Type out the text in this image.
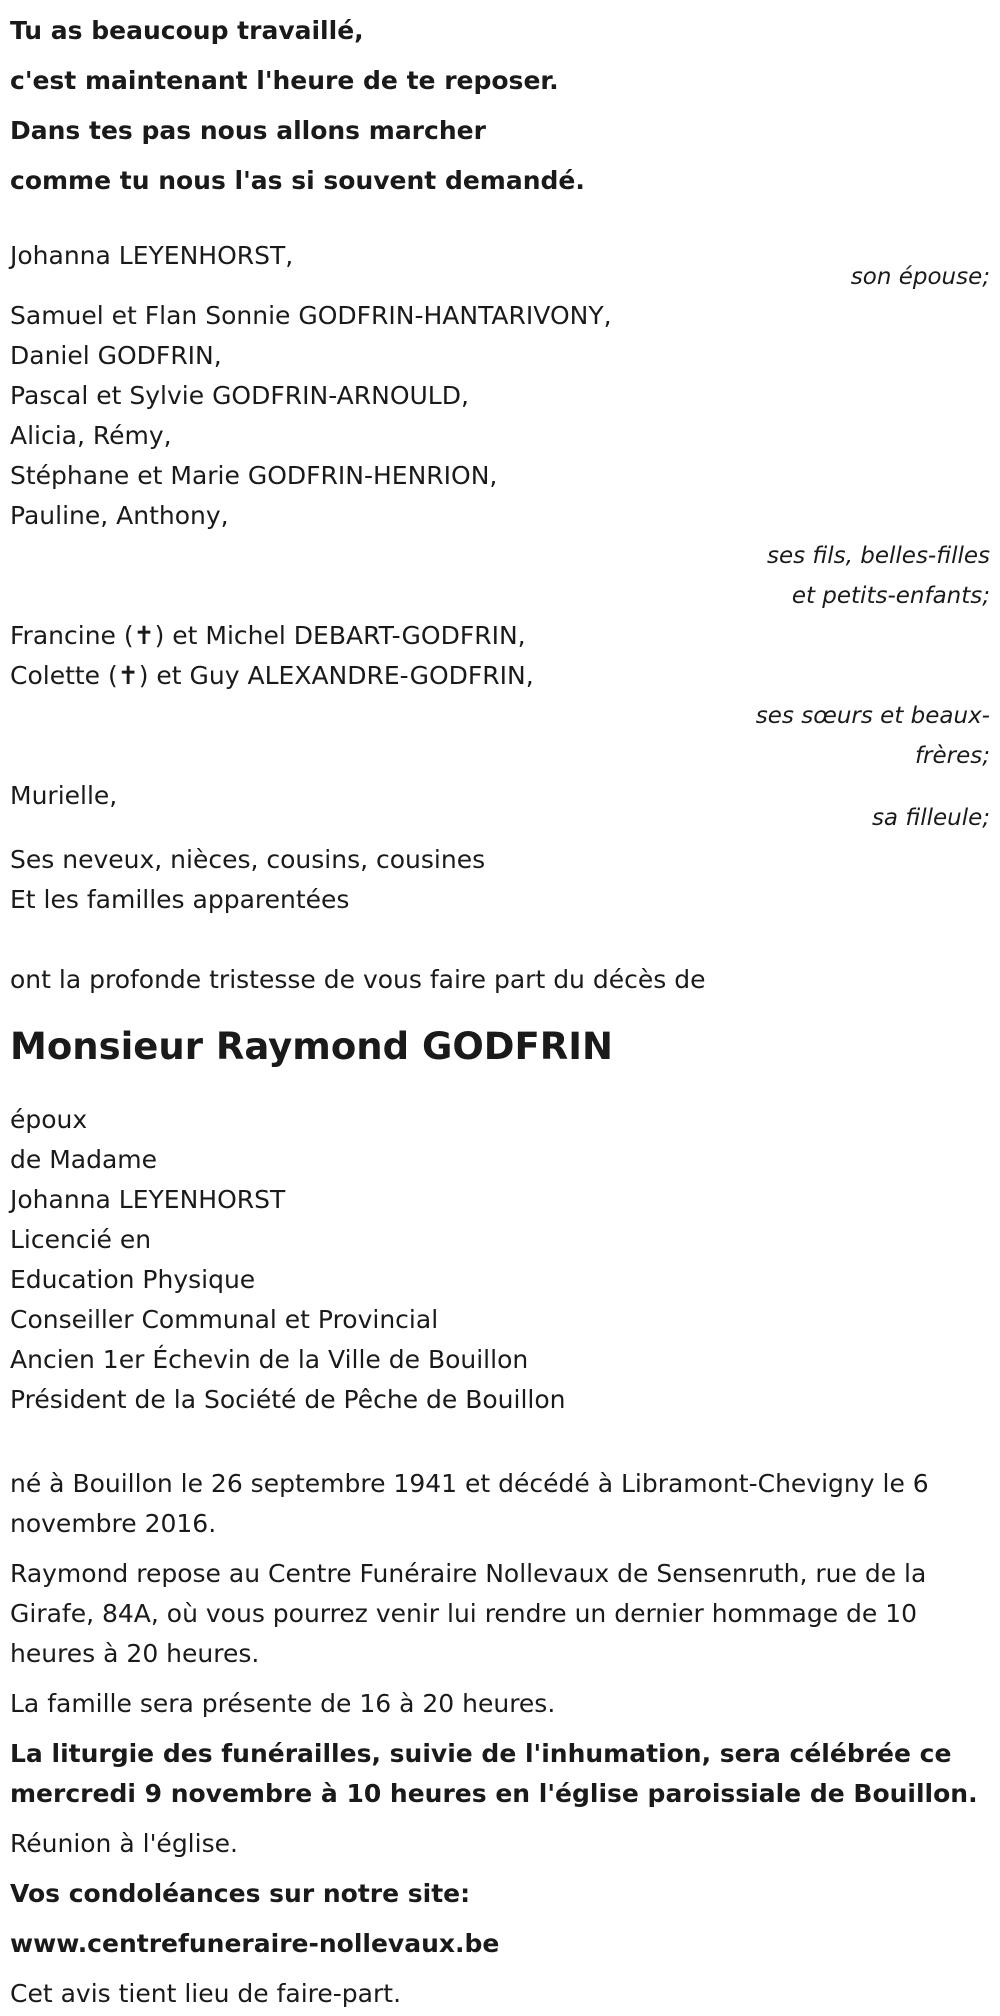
Tu as beaucoup travaillé,
c'est maintenant l'heure de te reposer.
Dans tes pas nous allons marcher
comme tu nous l'as si souvent demandé.
Johanna LEYENHORST,
son épouse;
Samuel et Flan Sonnie GODFRIN-HANTARIVONY,
Daniel GODFRIN,
Pascal et Sylvie GODFRIN-ARNOULD,
Alicia, Rémy,
Stéphane et Marie GODFRIN-HENRION,
Pauline, Anthony,
ses fils, belles-filles
et petits-enfants;
Francine (✝) et Michel DEBART-GODFRIN,
Colette (✝) et Guy ALEXANDRE-GODFRIN,
ses sœurs et beaux-
frères;
Murielle,
sa filleule;
Ses neveux, nièces, cousins, cousines
Et les familles apparentées
ont la profonde tristesse de vous faire part du décès de
Monsieur Raymond GODFRIN
époux
de Madame
Johanna LEYENHORST
Licencié en
Education Physique
Conseiller Communal et Provincial
Ancien 1er Échevin de la Ville de Bouillon
Président de la Société de Pêche de Bouillon

né à Bouillon le 26 septembre 1941 et décédé à Libramont-Chevigny le 6 novembre 2016.

Raymond repose au Centre Funéraire Nollevaux de Sensenruth, rue de la Girafe, 84A, où vous pourrez venir lui rendre un dernier hommage de 10 heures à 20 heures.

La famille sera présente de 16 à 20 heures.

La liturgie des funérailles, suivie de l'inhumation, sera célébrée ce mercredi 9 novembre à 10 heures en l'église paroissiale de Bouillon.

Réunion à l'église.

Vos condoléances sur notre site:

www.centrefuneraire-nollevaux.be

Cet avis tient lieu de faire-part.
